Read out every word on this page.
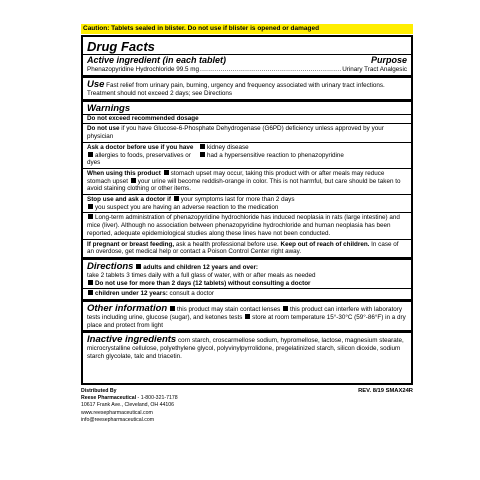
Caution: Tablets sealed in blister. Do not use if blister is opened or damaged
Drug Facts
Active ingredient (in each tablet)	Purpose
Phenazopyridine Hydrochloride 99.5 mg
.....	Urinary Tract Analgesic
Use Fast relief from urinary pain, burning, urgency and frequency associated with urinary tract infections. Treatment should not exceed 2 days; see Directions
Warnings
Do not exceed recommended dosage
Do not use if you have Glucose-6-Phosphate Dehydrogenase (G6PD) deficiency unless approved by your physician
Ask a doctor before use if you have	kidney disease
allergies to foods, preservatives or dyes
had a hypersensitive reaction to phenazopyridine
When using this product stomach upset may occur, taking this product with or after meals may reduce stomach upset your urine will become reddish-orange in color. This is not harmful, but care should be taken to avoid staining clothing or other items.
Stop use and ask a doctor if your symptoms last for more than 2 days
you suspect you are having an adverse reaction to the medication
Long-term administration of phenazopyridine hydrochloride has induced neoplasia in rats (large intestine) and mice (liver). Although no association between phenazopyridine hydrochloride and human neoplasia has been reported, adequate epidemiological studies along these lines have not been conducted.
If pregnant or breast feeding, ask a health professional before use. Keep out of reach of children. In case of an overdose, get medical help or contact a Poison Control Center right away.
Directions adults and children 12 years and over:
take 2 tablets 3 times daily with a full glass of water, with or after meals as needed
Do not use for more than 2 days (12 tablets) without consulting a doctor
children under 12 years: consult a doctor
Other information this product may stain contact lenses this product can interfere with laboratory tests including urine, glucose (sugar), and ketones tests store at room temperature 15°-30°C (59°-86°F) in a dry place and protect from light
Inactive ingredients corn starch, croscarmellose sodium, hypromellose, lactose, magnesium stearate, microcrystalline cellulose, polyethylene glycol, polyvinylpyrrolidone, pregelatinized starch, silicon dioxide, sodium starch glycolate, talc and triacetin.
Distributed By
Reese Pharmaceutical - 1-800-321-7178
10617 Frank Ave., Cleveland, OH 44106
www.reesepharmaceutical.com
info@reesepharmaceutical.com
REV. 8/19 SMAX24R
